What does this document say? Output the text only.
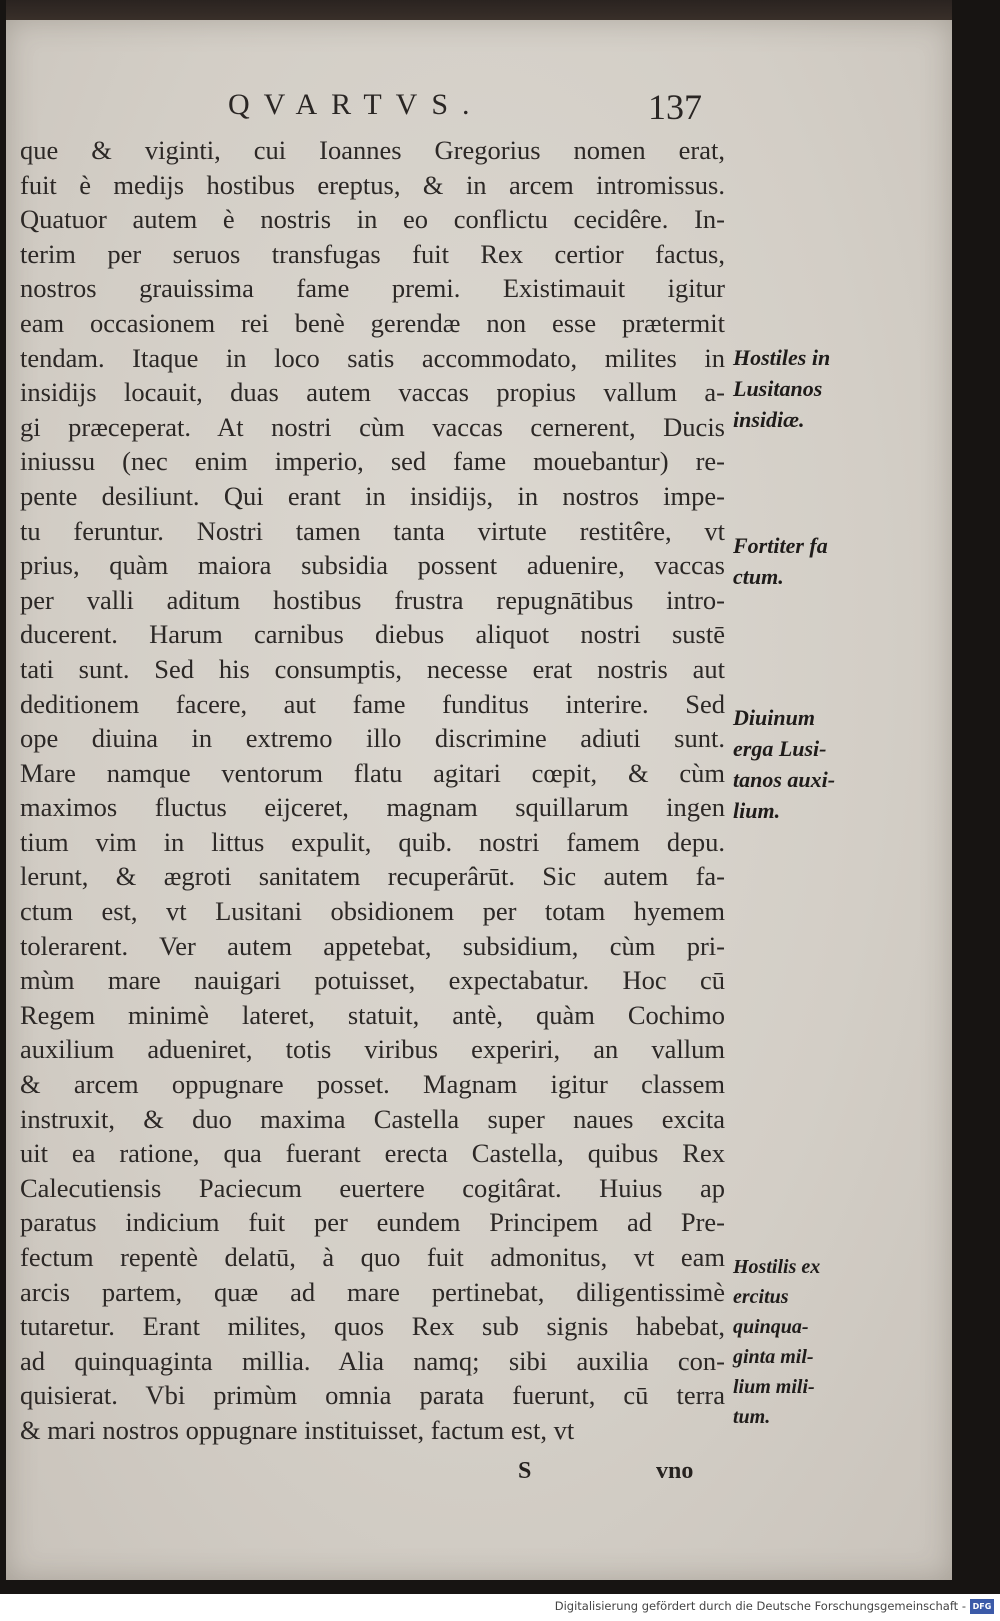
QVARTVS.	137
que & viginti, cui Ioannes Gregorius nomen erat,
fuit è medijs hostibus ereptus, & in arcem intromissus.
Quatuor autem è nostris in eo conflictu cecidêre. In-
terim per seruos transfugas fuit Rex certior factus,
nostros grauissima fame premi. Existimauit igitur
eam occasionem rei benè gerendæ non esse prætermit
tendam. Itaque in loco satis accommodato, milites in
insidijs locauit, duas autem vaccas propius vallum a-
gi præceperat. At nostri cùm vaccas cernerent, Ducis
iniussu (nec enim imperio, sed fame mouebantur) re-
pente desiliunt. Qui erant in insidijs, in nostros impe-
tu feruntur. Nostri tamen tanta virtute restitêre, vt
prius, quàm maiora subsidia possent aduenire, vaccas
per valli aditum hostibus frustra repugnātibus intro-
ducerent. Harum carnibus diebus aliquot nostri sustē
tati sunt. Sed his consumptis, necesse erat nostris aut
deditionem facere, aut fame funditus interire. Sed
ope diuina in extremo illo discrimine adiuti sunt.
Mare namque ventorum flatu agitari cœpit, & cùm
maximos fluctus eijceret, magnam squillarum ingen
tium vim in littus expulit, quib. nostri famem depu.
lerunt, & ægroti sanitatem recuperârūt. Sic autem fa-
ctum est, vt Lusitani obsidionem per totam hyemem
tolerarent. Ver autem appetebat, subsidium, cùm pri-
mùm mare nauigari potuisset, expectabatur. Hoc cū
Regem minimè lateret, statuit, antè, quàm Cochimo
auxilium adueniret, totis viribus experiri, an vallum
& arcem oppugnare posset. Magnam igitur classem
instruxit, & duo maxima Castella super naues excita
uit ea ratione, qua fuerant erecta Castella, quibus Rex
Calecutiensis Paciecum euertere cogitârat. Huius ap
paratus indicium fuit per eundem Principem ad Pre-
fectum repentè delatū, à quo fuit admonitus, vt eam
arcis partem, quæ ad mare pertinebat, diligentissimè
tutaretur. Erant milites, quos Rex sub signis habebat,
ad quinquaginta millia. Alia namq; sibi auxilia con-
quisierat. Vbi primùm omnia parata fuerunt, cū terra
& mari nostros oppugnare instituisset, factum est, vt
Hostiles in
Lusitanos
insidiæ.
Fortiter fa
ctum.
Diuinum
erga Lusi-
tanos auxi-
lium.
Hostilis ex
ercitus
quinqua-
ginta mil-
lium mili-
tum.
S	vno
Digitalisierung gefördert durch die Deutsche Forschungsgemeinschaft - DFG
